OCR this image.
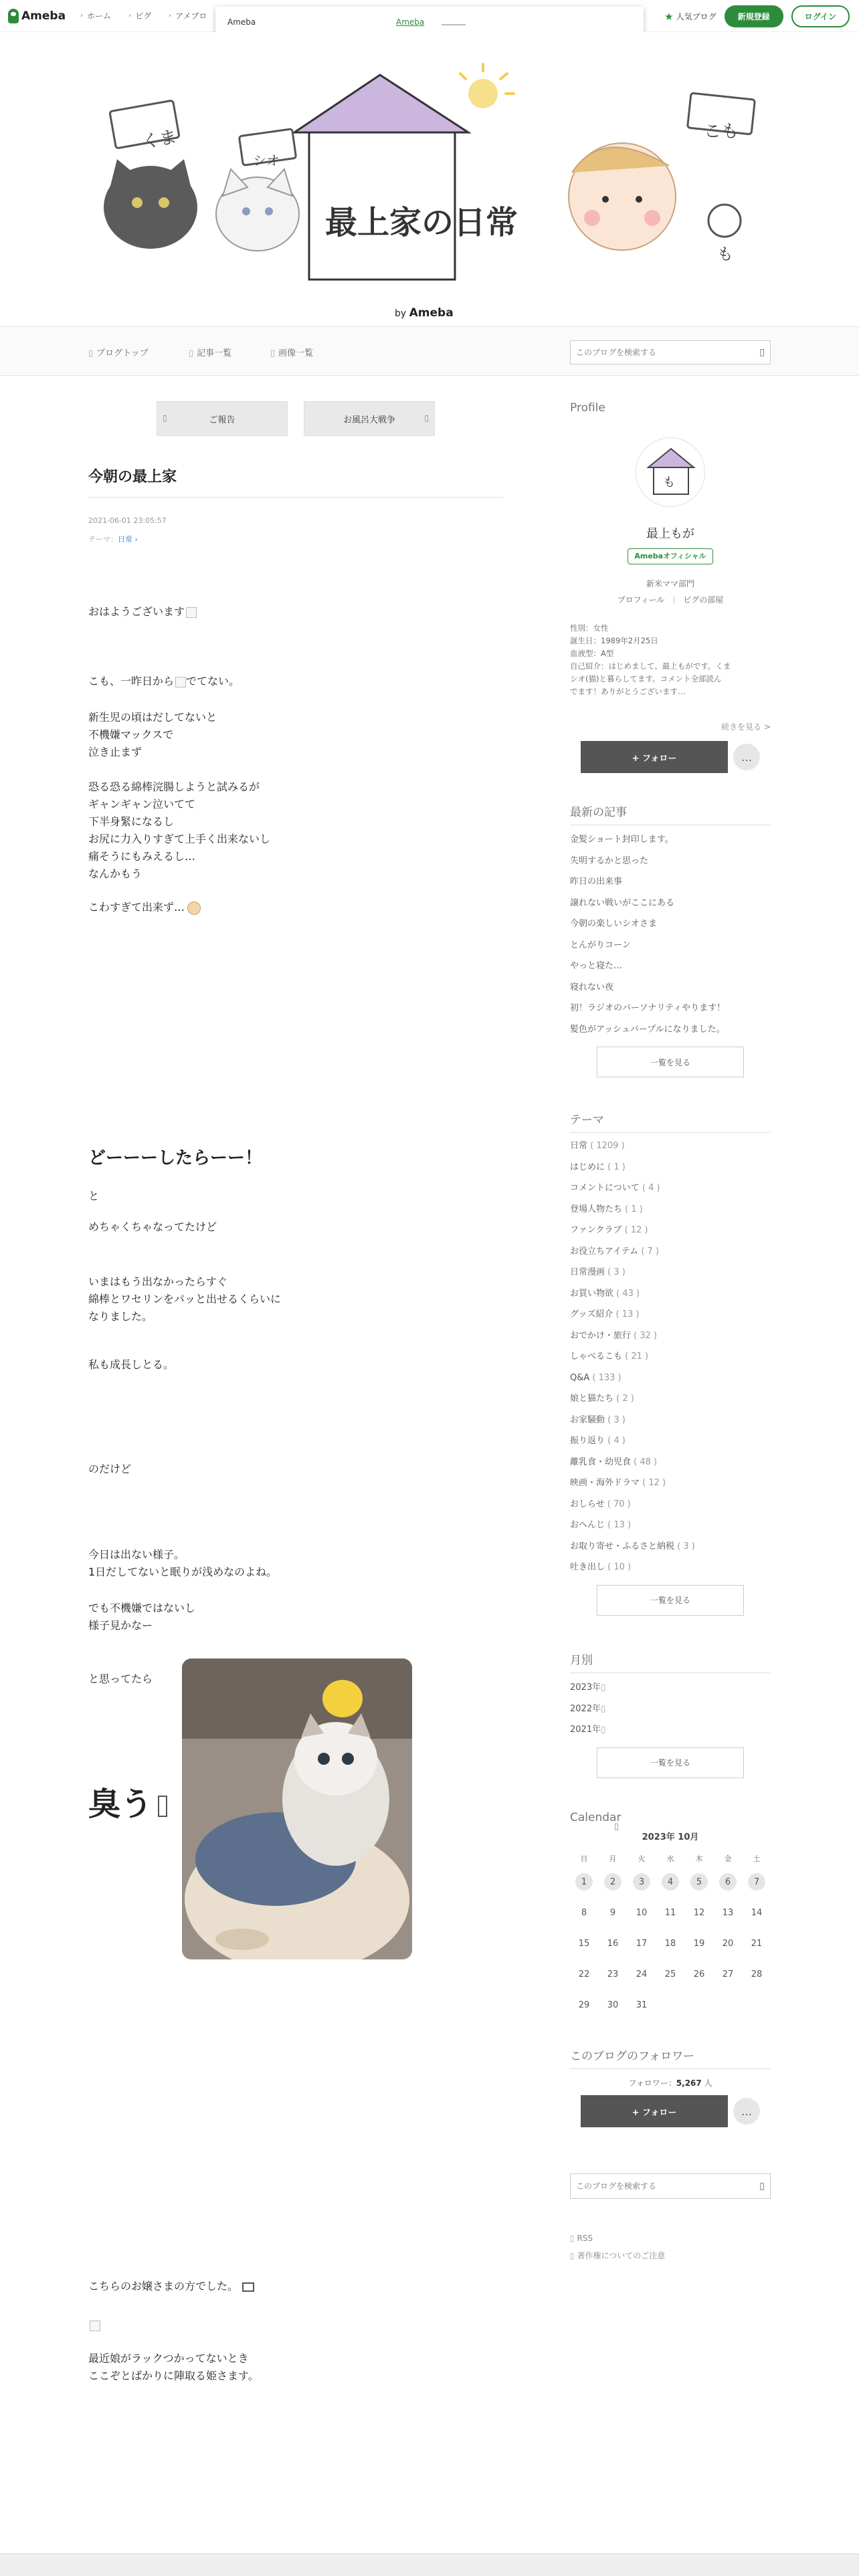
Ameba › ホーム	› ピグ	› アメブロ	★ 人気ブログ	新規登録	ログイン
Ameba	Ameba
くま
シオ
こも
も
最上家の日常
by Ameba
▯ ブログトップ	▯ 記事一覧	▯ 画像一覧
このブログを検索する	▯
▯	ご報告	お風呂大戦争	▯
今朝の最上家
2021-06-01 23:05:57
テーマ：日常 ›
おはようございます
こも、一昨日から でてない。
新生児の頃はだしてないと
不機嫌マックスで
泣き止まず
恐る恐る綿棒浣腸しようと試みるが
ギャンギャン泣いてて
下半身緊になるし
お尻に力入りすぎて上手く出来ないし
痛そうにもみえるし…
なんかもう
こわすぎて出来ず…
どーーーしたらーー！
と
めちゃくちゃなってたけど
いまはもう出なかったらすぐ
綿棒とワセリンをパッと出せるくらいに
なりました。
私も成長しとる。
のだけど
今日は出ない様子。
1日だしてないと眠りが浅めなのよね。
でも不機嫌ではないし
様子見かなー
と思ってたら
臭う
こちらのお嬢さまの方でした。
最近娘がラックつかってないとき
ここぞとばかりに陣取る姫さます。
Profile
も
最上もが
Amebaオフィシャル
新米ママ部門
プロフィール | ピグの部屋
性別：女性
誕生日：1989年2月25日
血液型：A型
自己紹介：はじめまして、最上もがです。くま
シオ(猫)と暮らしてます。コメント全部読ん
でます！ありがとうございます…
続きを見る >
+ フォロー	…
最新の記事
金髪ショート封印します。
失明するかと思った
昨日の出来事
譲れない戦いがここにある
今朝の楽しいシオさま
とんがりコーン
やっと寝た…
寝れない夜
初！ラジオのパーソナリティやります！
髪色がアッシュパープルになりました。
一覧を見る
テーマ
日常 ( 1209 )
はじめに ( 1 )
コメントについて ( 4 )
登場人物たち ( 1 )
ファンクラブ ( 12 )
お役立ちアイテム ( 7 )
日常漫画 ( 3 )
お買い物欲 ( 43 )
グッズ紹介 ( 13 )
おでかけ・旅行 ( 32 )
しゃべるこも ( 21 )
Q&A ( 133 )
娘と猫たち ( 2 )
お家騒動 ( 3 )
振り返り ( 4 )
離乳食・幼児食 ( 48 )
映画・海外ドラマ ( 12 )
おしらせ ( 70 )
おへんじ ( 13 )
お取り寄せ・ふるさと納税 ( 3 )
吐き出し ( 10 )
一覧を見る
月別
2023年▯
2022年▯
2021年▯
一覧を見る
Calendar
▯
2023年 10月
日	月	火	水	木	金	土
1	2	3	4	5	6	7
8	9	10	11	12	13	14
15	16	17	18	19	20	21
22	23	24	25	26	27	28
29	30	31
このブログのフォロワー
フォロワー：5,267 人
+ フォロー	…
このブログを検索する
▯
▯ RSS
▯ 著作権についてのご注意
